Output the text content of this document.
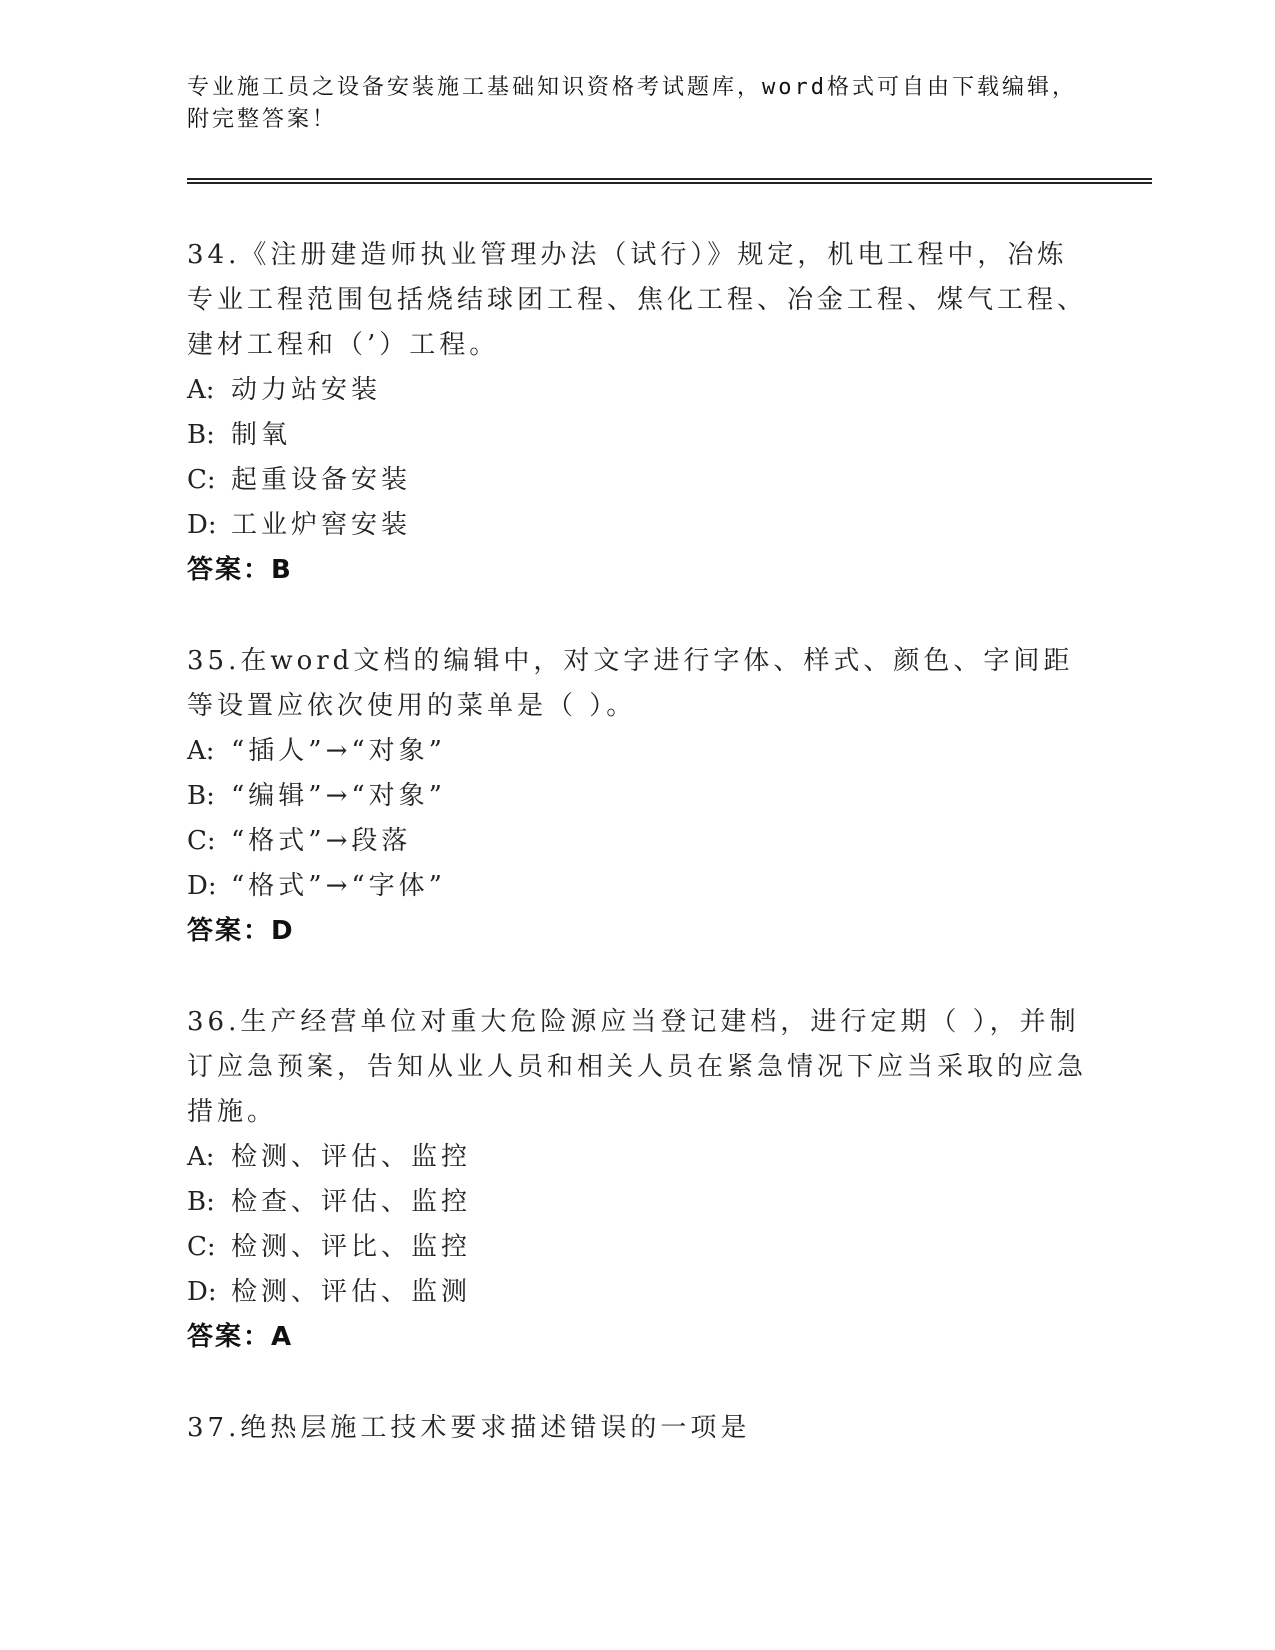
专业施工员之设备安装施工基础知识资格考试题库，word格式可自由下载编辑，附完整答案！

34.《注册建造师执业管理办法（试行）》规定，机电工程中，冶炼专业工程范围包括烧结球团工程、焦化工程、冶金工程、煤气工程、建材工程和（’）工程。

A: 动力站安装

B: 制氧

C: 起重设备安装

D: 工业炉窖安装

答案：B

35.在word文档的编辑中，对文字进行字体、样式、颜色、字间距等设置应依次使用的菜单是（ ）。

A: “插人”→“对象”

B: “编辑”→“对象”

C: “格式”→段落

D: “格式”→“字体”

答案：D

36.生产经营单位对重大危险源应当登记建档，进行定期（ ），并制订应急预案，告知从业人员和相关人员在紧急情况下应当采取的应急措施。

A: 检测、评估、监控

B: 检查、评估、监控

C: 检测、评比、监控

D: 检测、评估、监测

答案：A

37.绝热层施工技术要求描述错误的一项是
